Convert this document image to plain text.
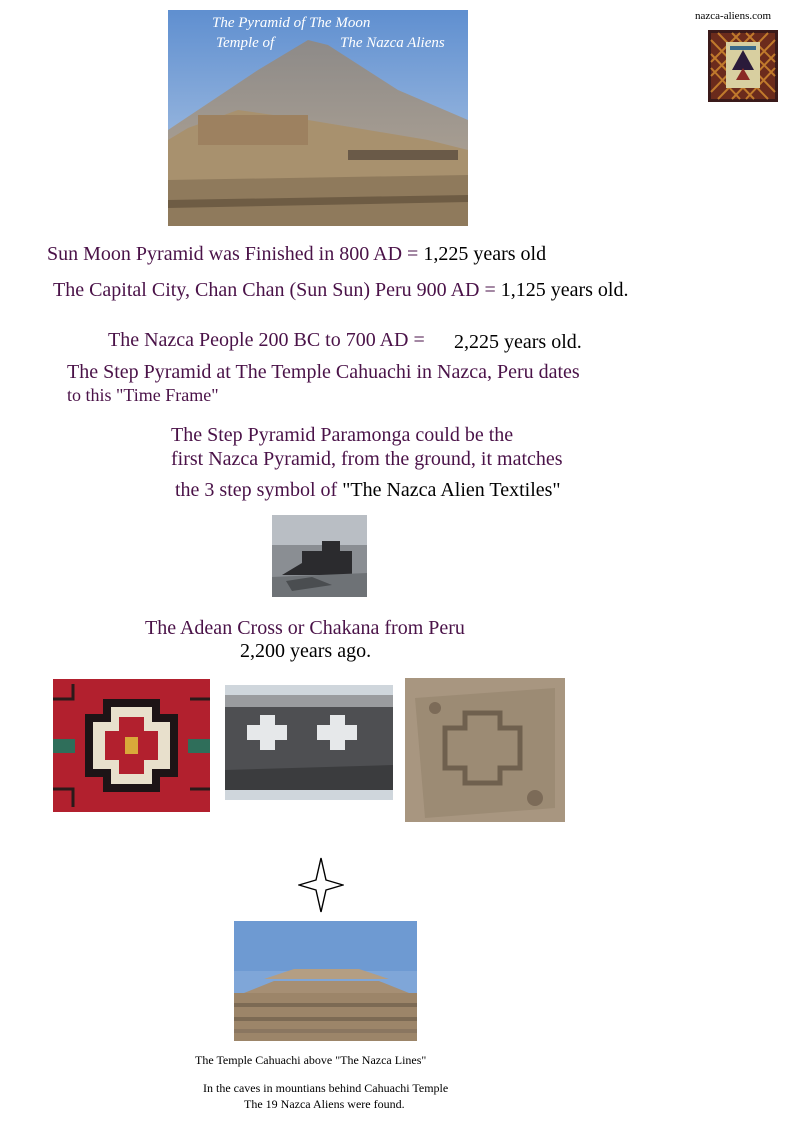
nazca-aliens.com
The Pyramid of The Moon
Temple of	The Nazca Aliens
Sun Moon Pyramid was Finished in 800 AD = 1,225 years old
The Capital City, Chan Chan (Sun Sun) Peru 900 AD = 1,125 years old.
The Nazca People 200 BC to 700 AD = 2,225 years old.
The Step Pyramid at The Temple Cahuachi in Nazca, Peru dates
to this "Time Frame"
The Step Pyramid Paramonga could be the
first Nazca Pyramid, from the ground, it matches
the 3 step symbol of "The Nazca Alien Textiles"
The Adean Cross or Chakana from Peru
2,200 years ago.
The Temple Cahuachi above "The Nazca Lines"
In the caves in mountians behind Cahuachi Temple
The 19 Nazca Aliens were found.
